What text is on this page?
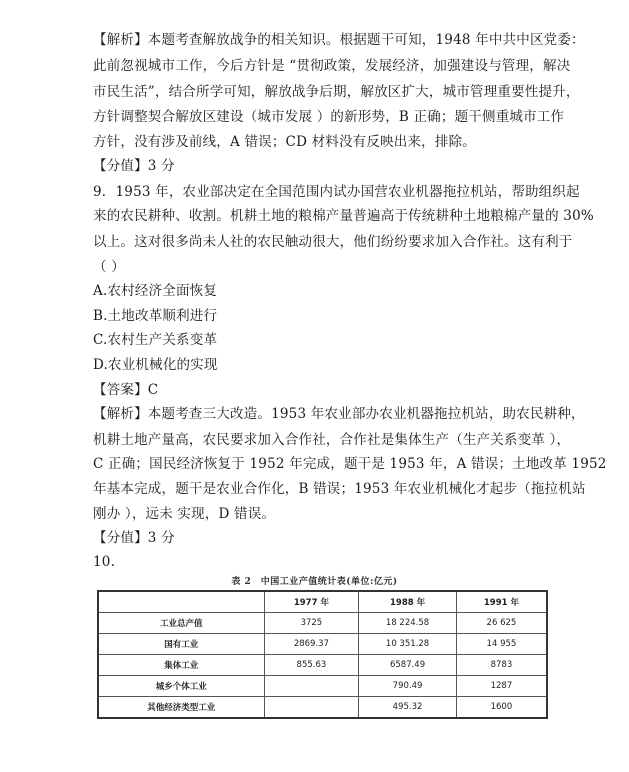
【解析】本题考查解放战争的相关知识。根据题干可知，1948 年中共中区党委：
此前忽视城市工作，今后方针是 “贯彻政策，发展经济，加强建设与管理，解决
市民生活”，结合所学可知，解放战争后期，解放区扩大，城市管理重要性提升，
方针调整契合解放区建设（城市发展 ）的新形势，B 正确；题干侧重城市工作
方针，没有涉及前线，A 错误；CD 材料没有反映出来，排除。
【分值】3 分
9．1953 年，农业部决定在全国范围内试办国营农业机器拖拉机站，帮助组织起
来的农民耕种、收割。机耕土地的粮棉产量普遍高于传统耕种土地粮棉产量的 30%
以上。这对很多尚未人社的农民触动很大，他们纷纷要求加入合作社。这有利于
（ ）
A.农村经济全面恢复
B.土地改革顺利进行
C.农村生产关系变革
D.农业机械化的实现
【答案】C
【解析】本题考查三大改造。1953 年农业部办农业机器拖拉机站，助农民耕种，
机耕土地产量高，农民要求加入合作社，合作社是集体生产（生产关系变革 ），
C 正确；国民经济恢复于 1952 年完成，题干是 1953 年，A 错误；土地改革 1952
年基本完成，题干是农业合作化，B 错误；1953 年农业机械化才起步（拖拉机站
刚办 ），远未 实现，D 错误。
【分值】3 分
10.
表 2　中国工业产值统计表(单位:亿元)
	1977 年	1988 年	1991 年
工业总产值	3725	18 224.58	26 625
国有工业	2869.37	10 351.28	14 955
集体工业	855.63	6587.49	8783
城乡个体工业		790.49	1287
其他经济类型工业		495.32	1600
